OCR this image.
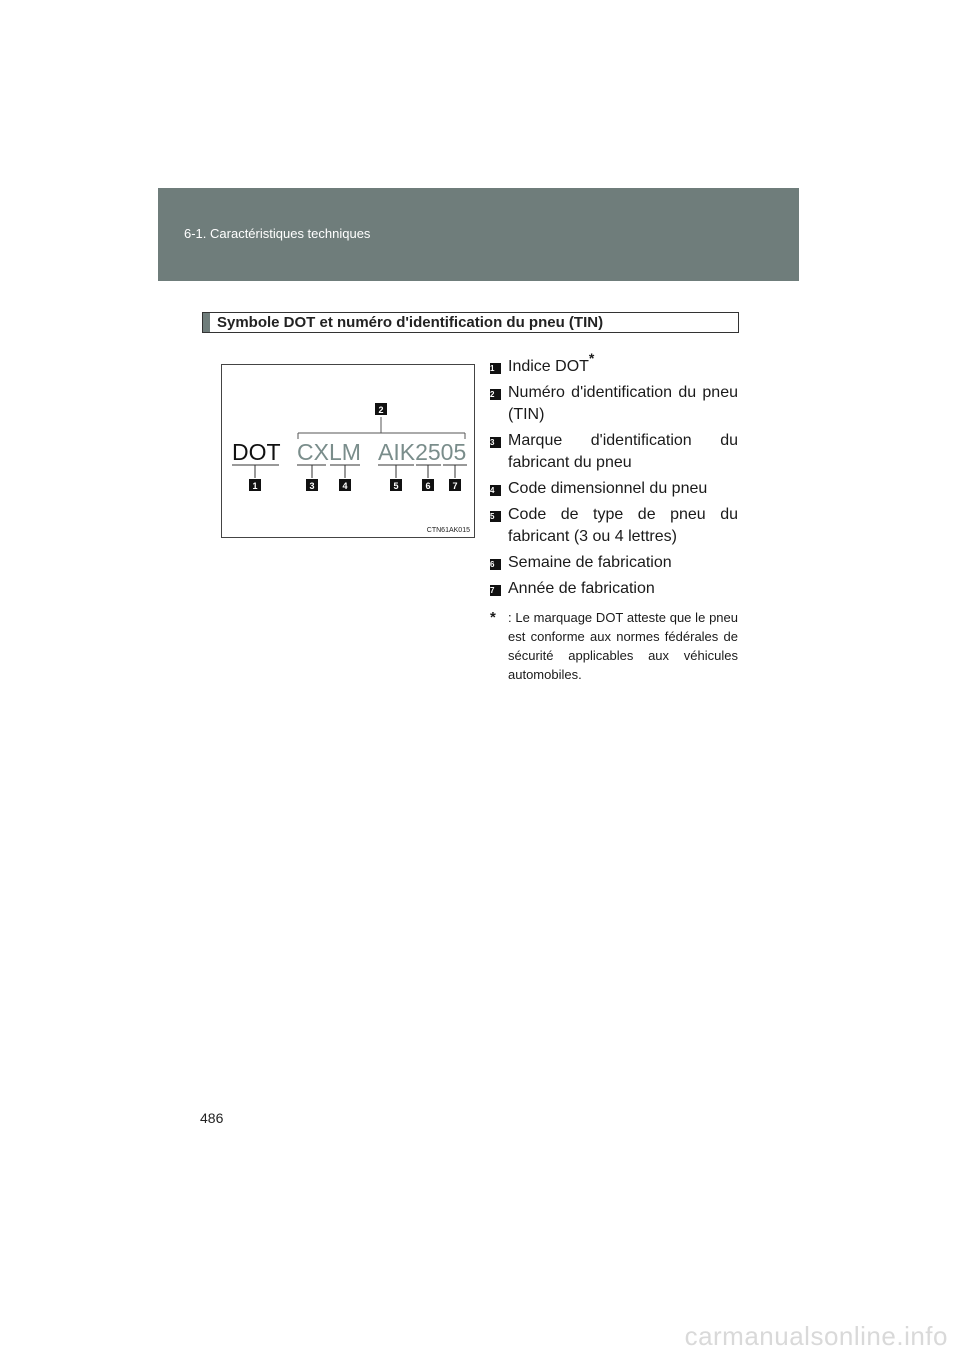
6-1. Caractéristiques techniques
Symbole DOT et numéro d'identification du pneu (TIN)
2
DOT CXLM AIK2505
1	3	4	5	6 7
CTN61AK015
1 Indice DOT*
2 Numéro d'identification du pneu (TIN)
3 Marque d'identification du fabricant du pneu
4 Code dimensionnel du pneu
5 Code de type de pneu du fabricant (3 ou 4 lettres)
6 Semaine de fabrication
7 Année de fabrication
* : Le marquage DOT atteste que le pneu est conforme aux normes fédérales de sécurité applicables aux véhicules automobiles.
486
carmanualsonline.info
